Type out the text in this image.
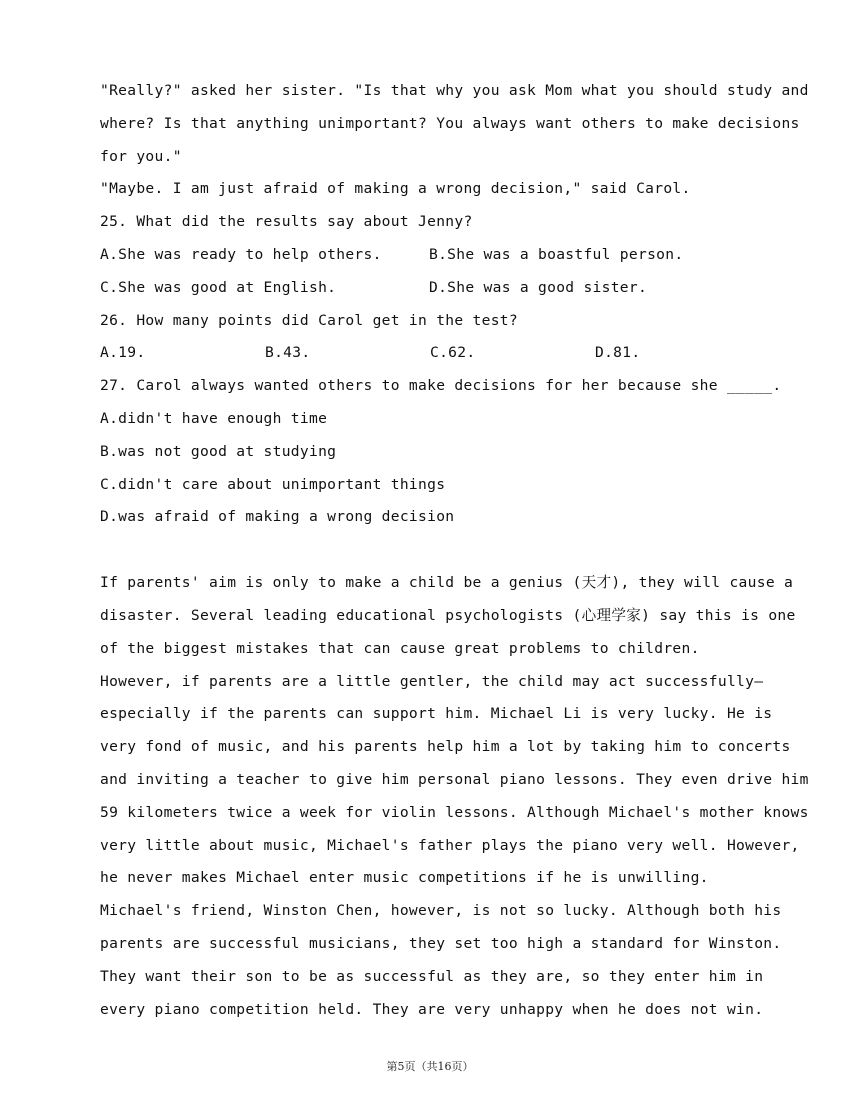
"Really?" asked her sister. "Is that why you ask Mom what you should study and
where? Is that anything unimportant? You always want others to make decisions
for you."
"Maybe. I am just afraid of making a wrong decision," said Carol.
25. What did the results say about Jenny?
A.She was ready to help others.	B.She was a boastful person.
C.She was good at English.	D.She was a good sister.
26. How many points did Carol get in the test?
A.19.	B.43.	C.62.	D.81.
27. Carol always wanted others to make decisions for her because she _____.
A.didn't have enough time
B.was not good at studying
C.didn't care about unimportant things
D.was afraid of making a wrong decision
If parents' aim is only to make a child be a genius (天才), they will cause a
disaster. Several leading educational psychologists (心理学家) say this is one
of the biggest mistakes that can cause great problems to children.
However, if parents are a little gentler, the child may act successfully—
especially if the parents can support him. Michael Li is very lucky. He is
very fond of music, and his parents help him a lot by taking him to concerts
and inviting a teacher to give him personal piano lessons. They even drive him
59 kilometers twice a week for violin lessons. Although Michael's mother knows
very little about music, Michael's father plays the piano very well. However,
he never makes Michael enter music competitions if he is unwilling.
Michael's friend, Winston Chen, however, is not so lucky. Although both his
parents are successful musicians, they set too high a standard for Winston.
They want their son to be as successful as they are, so they enter him in
every piano competition held. They are very unhappy when he does not win.
第5页（共16页）
